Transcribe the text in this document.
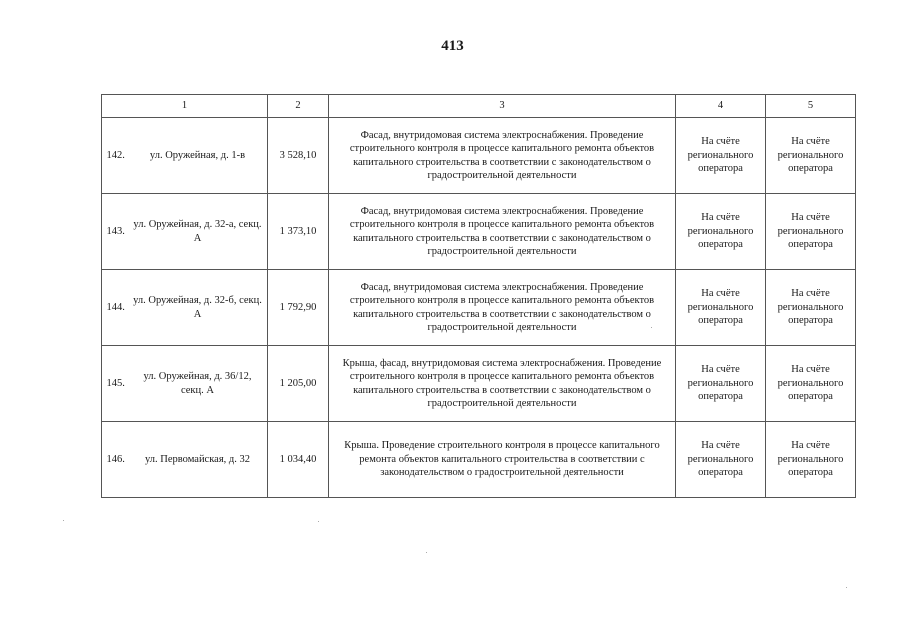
413
1	2	3	4	5
142. ул. Оружейная, д. 1-в	3 528,10	Фасад, внутридомовая система электроснабжения. Проведение строительного контроля в процессе капитального ремонта объектов капитального строительства в соответствии с законодательством о градостроительной деятельности	На счёте регионального оператора	На счёте регионального оператора
143.ул. Оружейная, д. 32-а, секц. А	1 373,10	Фасад, внутридомовая система электроснабжения. Проведение строительного контроля в процессе капитального ремонта объектов капитального строительства в соответствии с законодательством о градостроительной деятельности	На счёте регионального оператора	На счёте регионального оператора
144.ул. Оружейная, д. 32-б, секц. А	1 792,90	Фасад, внутридомовая система электроснабжения. Проведение строительного контроля в процессе капитального ремонта объектов капитального строительства в соответствии с законодательством о градостроительной деятельности	На счёте регионального оператора	На счёте регионального оператора
145.ул. Оружейная, д. 36/12, секц. А	1 205,00	Крыша, фасад, внутридомовая система электроснабжения. Проведение строительного контроля в процессе капитального ремонта объектов капитального строительства в соответствии с законодательством о градостроительной деятельности	На счёте регионального оператора	На счёте регионального оператора
146. ул. Первомайская, д. 32	1 034,40	Крыша. Проведение строительного контроля в процессе капитального ремонта объектов капитального строительства в соответствии с законодательством о градостроительной деятельности	На счёте регионального оператора	На счёте регионального оператора
